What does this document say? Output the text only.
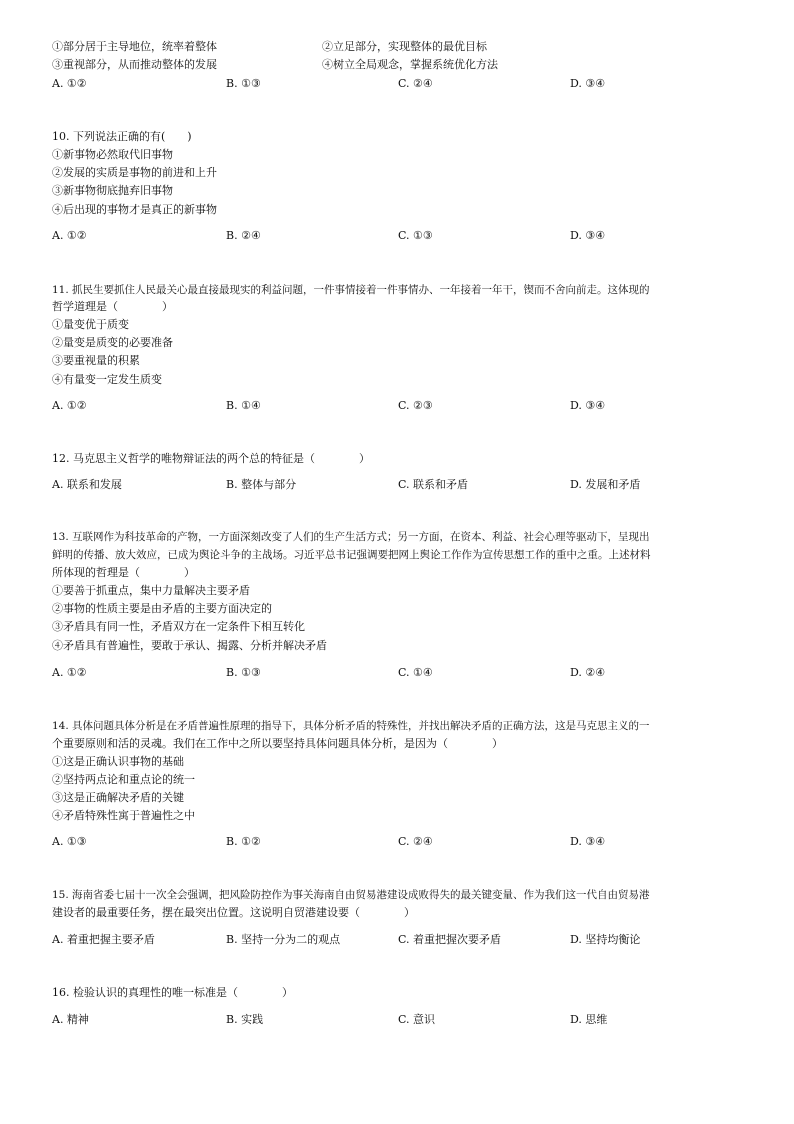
①部分居于主导地位，统率着整体	②立足部分，实现整体的最优目标
③重视部分，从而推动整体的发展	④树立全局观念，掌握系统优化方法
A. ①②	B. ①③	C. ②④	D. ③④
10. 下列说法正确的有(　　)
①新事物必然取代旧事物
②发展的实质是事物的前进和上升
③新事物彻底抛弃旧事物
④后出现的事物才是真正的新事物
A. ①②	B. ②④	C. ①③	D. ③④
11. 抓民生要抓住人民最关心最直接最现实的利益问题，一件事情接着一件事情办、一年接着一年干，锲而不舍向前走。这体现的
哲学道理是（　　　　）
①量变优于质变
②量变是质变的必要准备
③要重视量的积累
④有量变一定发生质变
A. ①②	B. ①④	C. ②③	D. ③④
12. 马克思主义哲学的唯物辩证法的两个总的特征是（　　　　）
A. 联系和发展	B. 整体与部分	C. 联系和矛盾	D. 发展和矛盾
13. 互联网作为科技革命的产物，一方面深刻改变了人们的生产生活方式；另一方面，在资本、利益、社会心理等驱动下，呈现出
鲜明的传播、放大效应，已成为舆论斗争的主战场。习近平总书记强调要把网上舆论工作作为宣传思想工作的重中之重。上述材料
所体现的哲理是（　　　　）
①要善于抓重点，集中力量解决主要矛盾
②事物的性质主要是由矛盾的主要方面决定的
③矛盾具有同一性，矛盾双方在一定条件下相互转化
④矛盾具有普遍性，要敢于承认、揭露、分析并解决矛盾
A. ①②	B. ①③	C. ①④	D. ②④
14. 具体问题具体分析是在矛盾普遍性原理的指导下，具体分析矛盾的特殊性，并找出解决矛盾的正确方法，这是马克思主义的一
个重要原则和活的灵魂。我们在工作中之所以要坚持具体问题具体分析，是因为（　　　　）
①这是正确认识事物的基础
②坚持两点论和重点论的统一
③这是正确解决矛盾的关键
④矛盾特殊性寓于普遍性之中
A. ①③	B. ①②	C. ②④	D. ③④
15. 海南省委七届十一次全会强调，把风险防控作为事关海南自由贸易港建设成败得失的最关键变量、作为我们这一代自由贸易港
建设者的最重要任务，摆在最突出位置。这说明自贸港建设要（　　　　）
A. 着重把握主要矛盾	B. 坚持一分为二的观点	C. 着重把握次要矛盾	D. 坚持均衡论
16. 检验认识的真理性的唯一标准是（　　　　）
A. 精神	B. 实践	C. 意识	D. 思维
